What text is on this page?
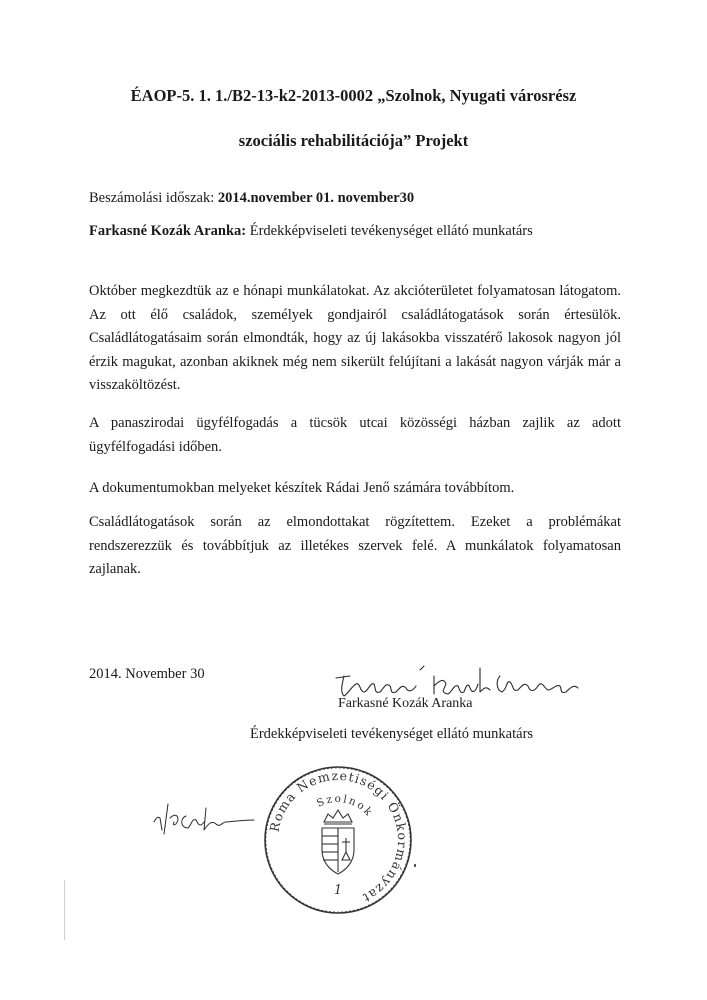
ÉAOP-5. 1. 1./B2-13-k2-2013-0002 „Szolnok, Nyugati városrész

szociális rehabilitációja” Projekt

Beszámolási időszak: 2014.november 01. november30

Farkasné Kozák Aranka: Érdekképviseleti tevékenységet ellátó munkatárs

Október megkezdtük az e hónapi munkálatokat. Az akcióterületet folyamatosan látogatom. Az ott élő családok, személyek gondjairól családlátogatások során értesülök. Családlátogatásaim során elmondták, hogy az új lakásokba visszatérő lakosok nagyon jól érzik magukat, azonban akiknek még nem sikerült felújítani a lakását nagyon várják már a visszaköltözést.

A panaszirodai ügyfélfogadás a tücsök utcai közösségi házban zajlik az adott ügyfélfogadási időben.

A dokumentumokban melyeket készítek Rádai Jenő számára továbbítom.

Családlátogatások során az elmondottakat rögzítettem. Ezeket a problémákat rendszerezzük és továbbítjuk az illetékes szervek felé. A munkálatok folyamatosan zajlanak.

2014. November 30

Farkasné Kozák Aranka

Érdekképviseleti tevékenységet ellátó munkatárs

Roma Nemzetiségi Önkormányzat
Szolnok
1
